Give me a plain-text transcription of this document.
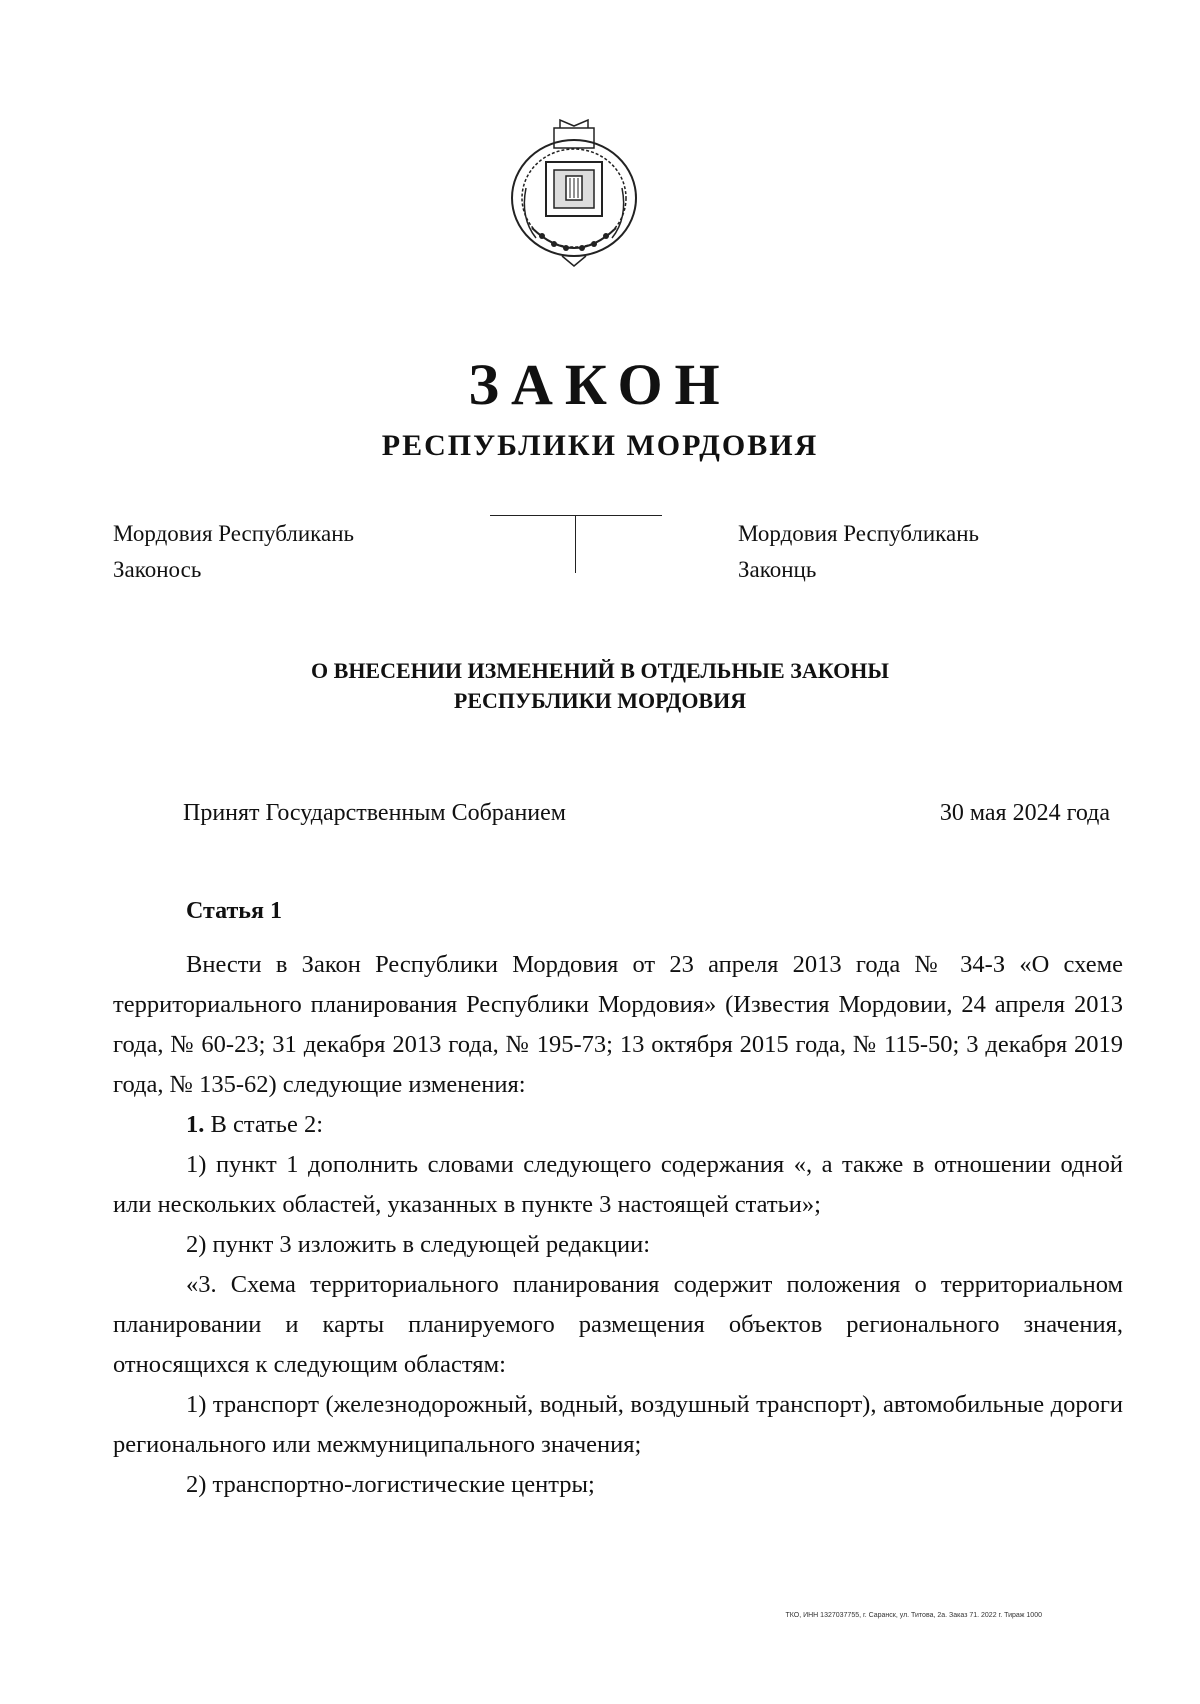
ЗАКОН
РЕСПУБЛИКИ МОРДОВИЯ
Мордовия Республикань
Законось
Мордовия Республикань
Законць
О ВНЕСЕНИИ ИЗМЕНЕНИЙ В ОТДЕЛЬНЫЕ ЗАКОНЫ
РЕСПУБЛИКИ МОРДОВИЯ
Принят Государственным Собранием	30 мая 2024 года
Статья 1

Внести в Закон Республики Мордовия от 23 апреля 2013 года № 34-З «О схеме территориального планирования Республики Мордовия» (Известия Мордовии, 24 апреля 2013 года, № 60-23; 31 декабря 2013 года, № 195-73; 13 октября 2015 года, № 115-50; 3 декабря 2019 года, № 135-62) следующие изменения:

1. В статье 2:

1) пункт 1 дополнить словами следующего содержания «, а также в отношении одной или нескольких областей, указанных в пункте 3 настоящей статьи»;

2) пункт 3 изложить в следующей редакции:

«3. Схема территориального планирования содержит положения о территориальном планировании и карты планируемого размещения объектов регионального значения, относящихся к следующим областям:

1) транспорт (железнодорожный, водный, воздушный транспорт), автомобильные дороги регионального или межмуниципального значения;

2) транспортно-логистические центры;

ТКО, ИНН 1327037755, г. Саранск, ул. Титова, 2а. Заказ 71. 2022 г. Тираж 1000
